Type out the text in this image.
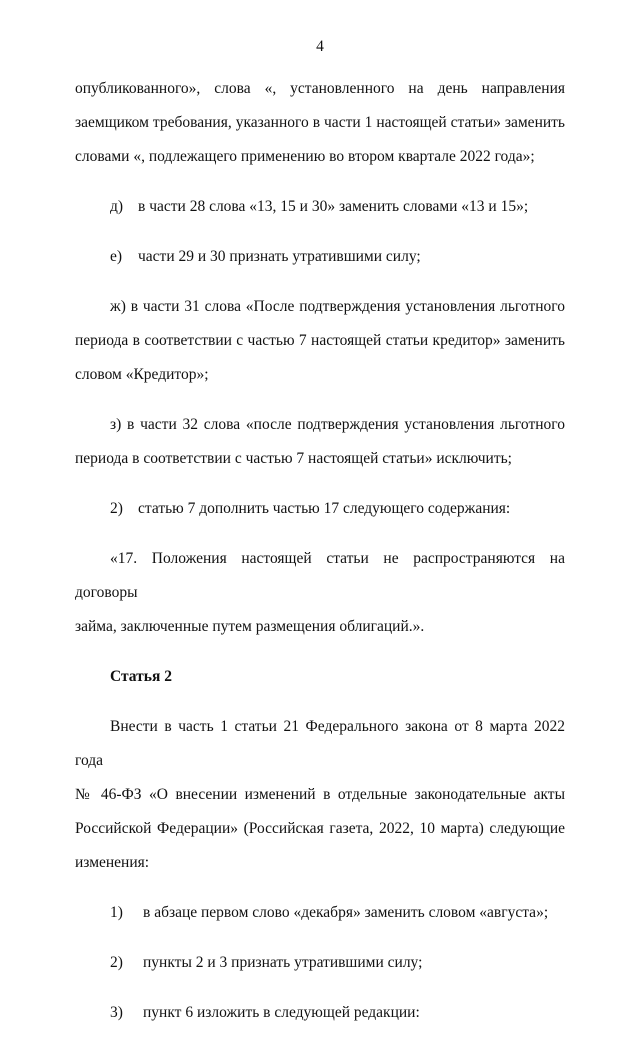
4

опубликованного», слова «, установленного на день направления
заемщиком требования, указанного в части 1 настоящей статьи» заменить
словами «, подлежащего применению во втором квартале 2022 года»;

д) в части 28 слова «13, 15 и 30» заменить словами «13 и 15»;
е)	части 29 и 30 признать утратившими силу;

ж) в части 31 слова «После подтверждения установления льготного
периода в соответствии с частью 7 настоящей статьи кредитор» заменить
словом «Кредитор»;

з) в части 32 слова «после подтверждения установления льготного
периода в соответствии с частью 7 настоящей статьи» исключить;

2) статью 7 дополнить частью 17 следующего содержания:

«17. Положения настоящей статьи не распространяются на договоры
займа, заключенные путем размещения облигаций.».

Статья 2

Внести в часть 1 статьи 21 Федерального закона от 8 марта 2022 года
№ 46-ФЗ «О внесении изменений в отдельные законодательные акты
Российской Федерации» (Российская газета, 2022, 10 марта) следующие
изменения:

1)	в абзаце первом слово «декабря» заменить словом «августа»;
2)	пункты 2 и 3 признать утратившими силу;
3)	пункт 6 изложить в следующей редакции:
